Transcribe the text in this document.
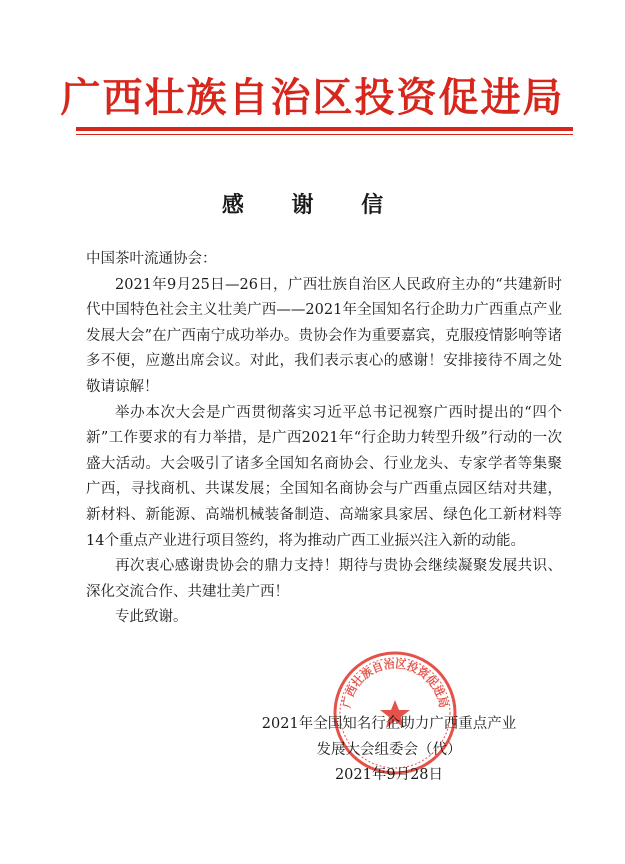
广西壮族自治区投资促进局
感 谢 信

中国茶叶流通协会：

2021年9月25日—26日，广西壮族自治区人民政府主办的“共建新时代中国特色社会主义壮美广西——2021年全国知名行企助力广西重点产业发展大会”在广西南宁成功举办。贵协会作为重要嘉宾，克服疫情影响等诸多不便，应邀出席会议。对此，我们表示衷心的感谢！安排接待不周之处敬请谅解！

举办本次大会是广西贯彻落实习近平总书记视察广西时提出的“四个新”工作要求的有力举措，是广西2021年“行企助力转型升级”行动的一次盛大活动。大会吸引了诸多全国知名商协会、行业龙头、专家学者等集聚广西，寻找商机、共谋发展；全国知名商协会与广西重点园区结对共建，新材料、新能源、高端机械装备制造、高端家具家居、绿色化工新材料等14个重点产业进行项目签约，将为推动广西工业振兴注入新的动能。

再次衷心感谢贵协会的鼎力支持！期待与贵协会继续凝聚发展共识、深化交流合作、共建壮美广西！

专此致谢。

广西壮族自治区投资促进局
2021年全国知名行企助力广西重点产业
发展大会组委会（代）
2021年9月28日
